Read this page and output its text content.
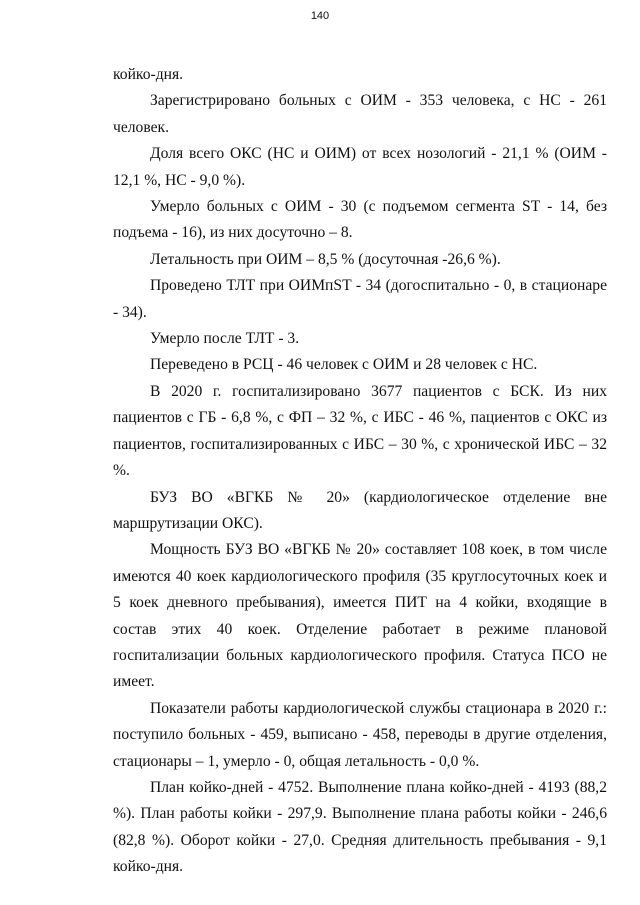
140

койко-дня.

Зарегистрировано больных с ОИМ - 353 человека, с НС - 261 человек.

Доля всего ОКС (НС и ОИМ) от всех нозологий - 21,1 % (ОИМ - 12,1 %, НС - 9,0 %).

Умерло больных с ОИМ - 30 (с подъемом сегмента ST - 14, без подъема - 16), из них досуточно – 8.

Летальность при ОИМ – 8,5 % (досуточная -26,6 %).

Проведено ТЛТ при ОИМпST - 34 (догоспитально - 0, в стационаре - 34).

Умерло после ТЛТ - 3.

Переведено в РСЦ - 46 человек с ОИМ и 28 человек с НС.

В 2020 г. госпитализировано 3677 пациентов с БСК. Из них пациентов с ГБ - 6,8 %, с ФП – 32 %, с ИБС - 46 %, пациентов с ОКС из пациентов, госпитализированных с ИБС – 30 %, с хронической ИБС – 32 %.

БУЗ ВО «ВГКБ № 20» (кардиологическое отделение вне маршрутизации ОКС).

Мощность БУЗ ВО «ВГКБ № 20» составляет 108 коек, в том числе имеются 40 коек кардиологического профиля (35 круглосуточных коек и 5 коек дневного пребывания), имеется ПИТ на 4 койки, входящие в состав этих 40 коек. Отделение работает в режиме плановой госпитализации больных кардиологического профиля. Статуса ПСО не имеет.

Показатели работы кардиологической службы стационара в 2020 г.: поступило больных - 459, выписано - 458, переводы в другие отделения, стационары – 1, умерло - 0, общая летальность - 0,0 %.

План койко-дней - 4752. Выполнение плана койко-дней - 4193 (88,2 %). План работы койки - 297,9. Выполнение плана работы койки - 246,6 (82,8 %). Оборот койки - 27,0. Средняя длительность пребывания - 9,1 койко-дня.
